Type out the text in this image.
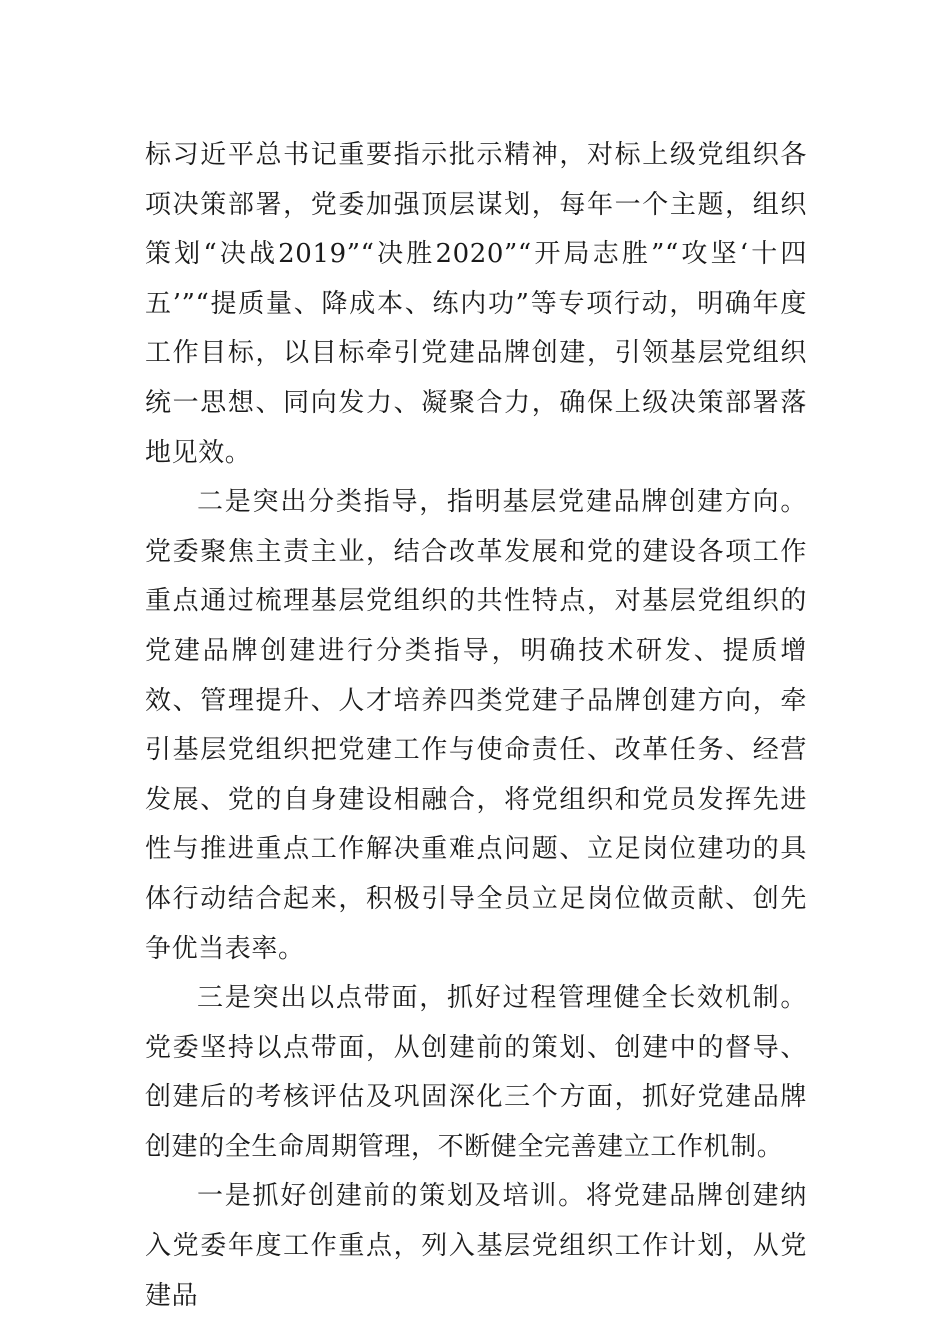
标习近平总书记重要指示批示精神，对标上级党组织各项决策部署，党委加强顶层谋划，每年一个主题，组织策划“决战2019”“决胜2020”“开局志胜”“攻坚‘十四五’”“提质量、降成本、练内功”等专项行动，明确年度工作目标，以目标牵引党建品牌创建，引领基层党组织统一思想、同向发力、凝聚合力，确保上级决策部署落地见效。

二是突出分类指导，指明基层党建品牌创建方向。党委聚焦主责主业，结合改革发展和党的建设各项工作重点通过梳理基层党组织的共性特点，对基层党组织的党建品牌创建进行分类指导，明确技术研发、提质增效、管理提升、人才培养四类党建子品牌创建方向，牵引基层党组织把党建工作与使命责任、改革任务、经营发展、党的自身建设相融合，将党组织和党员发挥先进性与推进重点工作解决重难点问题、立足岗位建功的具体行动结合起来，积极引导全员立足岗位做贡献、创先争优当表率。

三是突出以点带面，抓好过程管理健全长效机制。党委坚持以点带面，从创建前的策划、创建中的督导、创建后的考核评估及巩固深化三个方面，抓好党建品牌创建的全生命周期管理，不断健全完善建立工作机制。

一是抓好创建前的策划及培训。将党建品牌创建纳入党委年度工作重点，列入基层党组织工作计划，从党建品
